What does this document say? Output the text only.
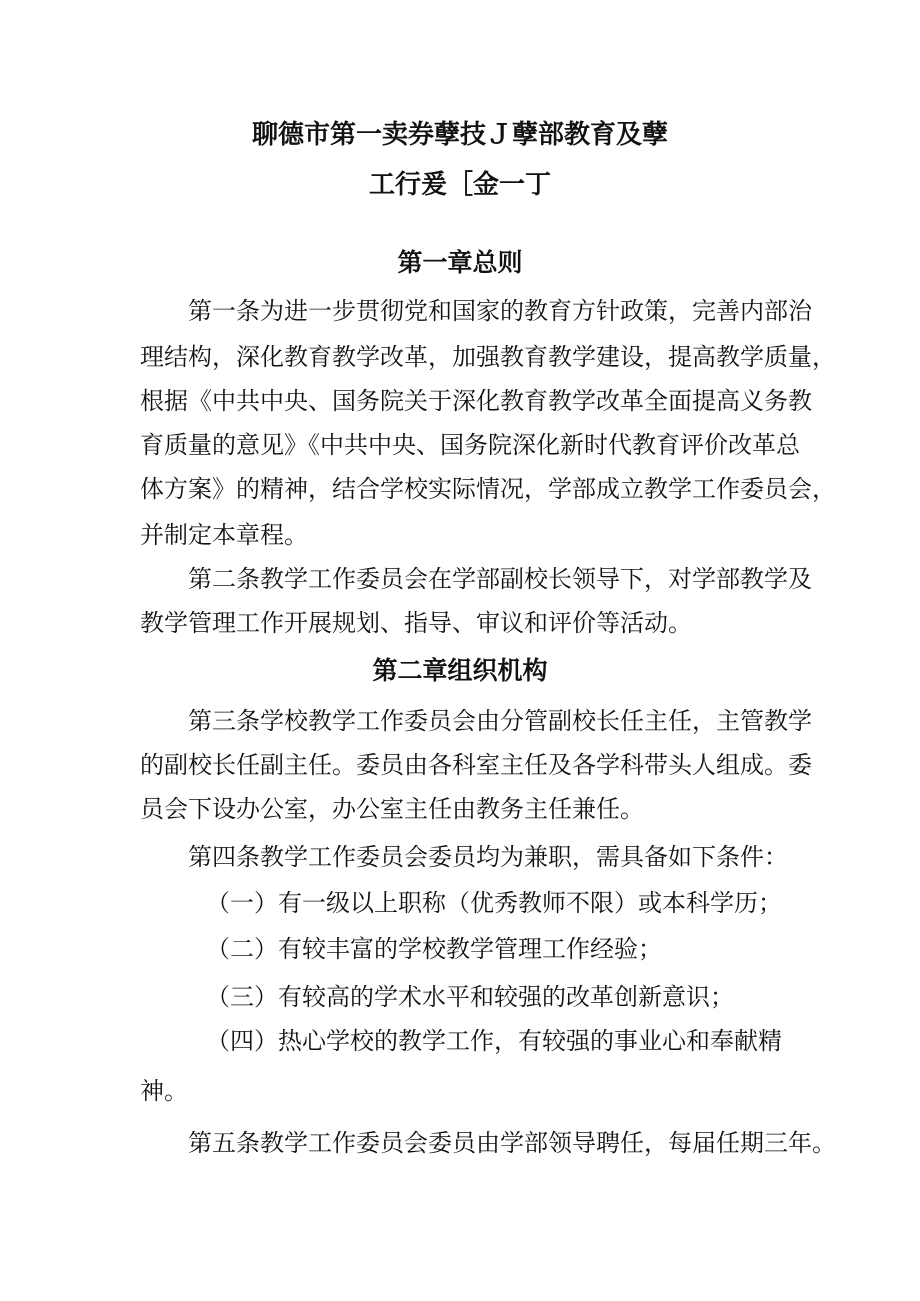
聊德市第一卖券孽技Ｊ孽部教育及孽
工行爰［金一丁
第一章总则
第一条为进一步贯彻党和国家的教育方针政策，完善内部治
理结构，深化教育教学改革，加强教育教学建设，提高教学质量，
根据《中共中央、国务院关于深化教育教学改革全面提高义务教
育质量的意见》《中共中央、国务院深化新时代教育评价改革总
体方案》的精神，结合学校实际情况，学部成立教学工作委员会，
并制定本章程。
第二条教学工作委员会在学部副校长领导下，对学部教学及
教学管理工作开展规划、指导、审议和评价等活动。
第二章组织机构
第三条学校教学工作委员会由分管副校长任主任，主管教学
的副校长任副主任。委员由各科室主任及各学科带头人组成。委
员会下设办公室，办公室主任由教务主任兼任。
第四条教学工作委员会委员均为兼职，需具备如下条件：
（一）有一级以上职称（优秀教师不限）或本科学历；
（二）有较丰富的学校教学管理工作经验；
（三）有较高的学术水平和较强的改革创新意识；
（四）热心学校的教学工作，有较强的事业心和奉献精
神。
第五条教学工作委员会委员由学部领导聘任，每届任期三年。
